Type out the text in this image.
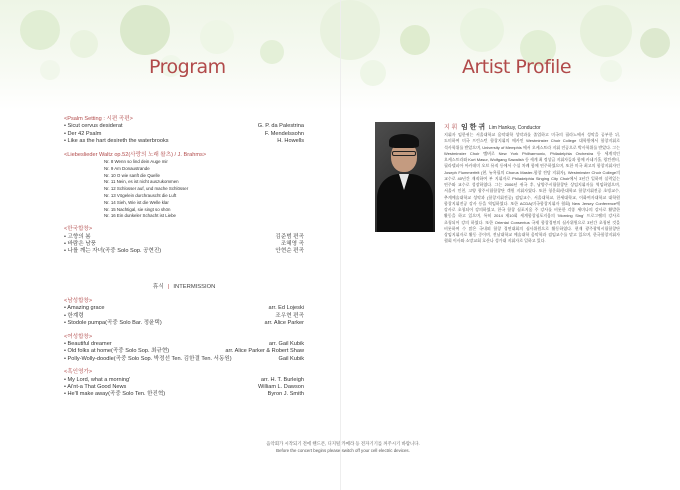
Program	Artist Profile
<Psalm Setting : 시편 곡편>
• Sicut cervus desiderat	G. P. da Palestrina
• Der 42 Psalm	F. Mendelssohn
• Like as the hart desireth the waterbrooks	H. Howells
<Liebeslieder Waltz op.52(사랑의 노래 왈츠) / J. Brahms>
Nr. 8 Wenn so lind dein Auge mir
Nr. 9 Am Donaustrande
Nr. 10 O wie sanft die Quelle
Nr. 11 Nein, es ist nicht auszukommen
Nr. 12 Schlosser auf, und mache Schlösser
Nr. 13 Vögelein durchrauscht die Luft
Nr. 14 Sieh, Wie ist die Welle klar
Nr. 15 Nachtigal, sie singt so shön
Nr. 16 Ein dunkeler Schacht ist Liebe
<한국합창>
• 고향의 봄	김준범 편곡
• 바람은 남풍	조혜영 곡
• 나를 깨는 자녀(곡중 Solo Sop. 공현진)	안현순 편곡
휴식 | INTERMISSION
<남성합창>
• Amazing grace	arr. Ed Lojeski
• 한계령	조우현 편곡
• Stodole pumpa(곡중 Solo Bar. 정윤택)	arr. Alice Parker
<여성합창>
• Beautiful dreamer	arr. Gail Kubik
• Old folks at home(곡중 Solo Sop. 최규현)	arr. Alice Parker & Robert Shaw
• Polly-Wolly-doodle(곡중 Solo Sop. 박정선 Ten. 김한결 Ten. 서동원)	Gail Kubik
<흑인영가>
• My Lord, what a morning'	arr. H. T. Burleigh
• Ai'nt-a That Good News	William L. Dawson
• He'll make away(곡중 Solo Ten. 한진혁)	Byron J. Smith
음악회가 시작되기 전에 핸드폰, 디지털 카메라 등 전자기기를 꺼주시기 바랍니다.
Before the concert begins please switch off your cell electric devices.
지 휘 임 한 귀 Lim Hankuy, Conductor
지휘자 임한귀는 서울대학교 음악대학 성악과를 졸업하고 미국의 필라노에서 성악을 공부한 뒤, 도미하여 미국 프린스턴 합창지휘의 메카인 Westminster Choir College 대학원에서 합창지휘로 석사학위를 받았으며, University of Memphis 에서 오케스트라 지휘 전공으로 박사학위를 받았다. 그는 Westminster Choir 멤버로 New York Philharmonic, Philadelphia Orchestra 등 세계적인 오케스트라와 Kurt Masur, Wolfgang Sawalish 등 세계 최 정상급 지휘자들과 함께 카네기홀, 링컨센터, 필라델피아 아카데미 오브 뮤직 등에서 수십 차례 함께 연주하였으며, 또한 미국 최고의 합창지휘자인 Joseph Flummerfelt (현, 뉴욕필의 Chorus Master-합창 전담 지휘자), Westminster Choir College의 교수로 40년간 재직하여 부 지휘자로 Philadelphia Singing City Choir에서 3년간 일하며 실력있는 연주와 교수로 성장하였다. 그는 2006년 귀국 후, 남양주시립합창단 상임지휘자를 역임하였으며, 서울시 인천, 고양 광주시립합창단 객원 지휘자였다. 또한 청운회/한대학교 합창지휘전공 초빙교수, 추계예술대학교 성악과 (합창지휘전공) 겸임교수, 서울대학교, 한세대학교, 이화여자대학교 대학원 합창지휘전공 강사 등을 역임하였다. 또한 ACDA(미국합창지휘자 협회) New Jersey Conference에 강사로 초청되어 강의하였고, 한국 합창 심포지움 주 강사를 비롯한 각종 세미나의 강사로 활발한 활동을 하고 있으며, 특히 2014 제10회 세계합창심포지움의 'Morning Sing' 프로그램의 강사로 초청되어 강의 하였다. 또한 Oriental Consentus 국제 합창경연의 심사위원으로 3년간 초청된 것을 비롯하여 수 많은 국내외 합창 경연대회의 심사위원으로 활동하였다. 현재 광주광역시립합창단 상임지휘자로 활동 중이며, 전남대학교 예술대학 음악학과 겸임교수를 맡고 있으며, 한국합창지휘자 협회 이사와 소망교회 호산나 성가대 지휘자로 일하고 있다.
